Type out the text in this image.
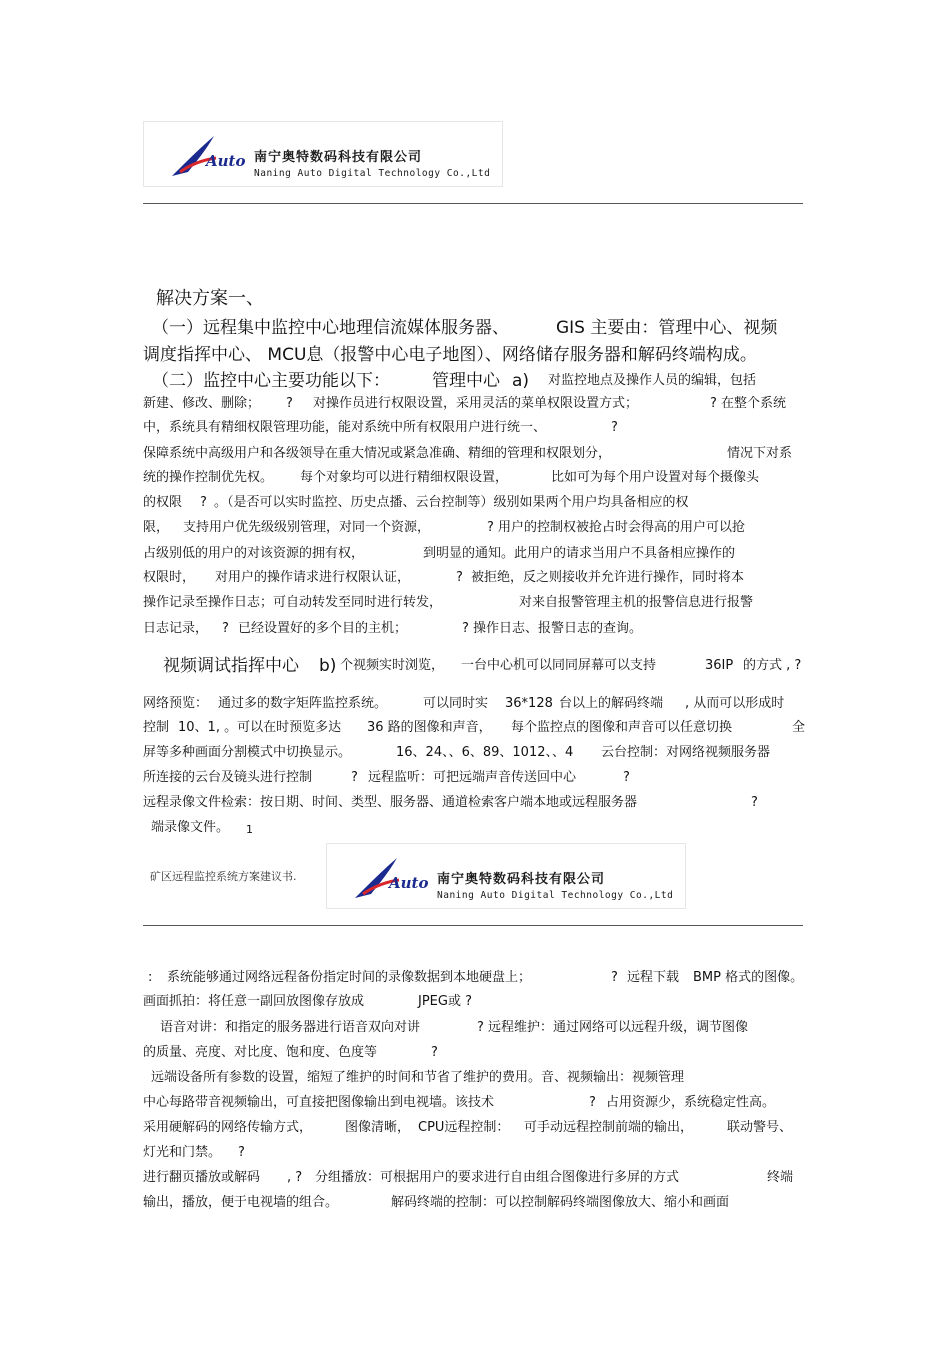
Auto 南宁奥特数码科技有限公司
Naning Auto Digital Technology Co.,Ltd
解决方案一、
（一）远程集中监控中心地理信流媒体服务器、	GIS 主要由：管理中心、视频
调度指挥中心、 MCU息（报警中心电子地图）、网络储存服务器和解码终端构成。
（二）监控中心主要功能以下： 管理中心 a) 对监控地点及操作人员的编辑，包括
新建、修改、删除； ? 对操作员进行权限设置，采用灵活的菜单权限设置方式；	? 在整个系统
中，系统具有精细权限管理功能，能对系统中所有权限用户进行统一、	?
保障系统中高级用户和各级领导在重大情况或紧急准确、精细的管理和权限划分，	情况下对系
统的操作控制优先权。 每个对象均可以进行精细权限设置，	比如可为每个用户设置对每个摄像头
的权限 ? 。（是否可以实时监控、历史点播、云台控制等）级别如果两个用户均具备相应的权
限， 支持用户优先级级别管理，对同一个资源，	? 用户的控制权被抢占时会得高的用户可以抢
占级别低的用户的对该资源的拥有权，	到明显的通知。此用户的请求当用户不具备相应操作的
权限时， 对用户的操作请求进行权限认证，	? 被拒绝，反之则接收并允许进行操作，同时将本
操作记录至操作日志；可自动转发至同时进行转发，	对来自报警管理主机的报警信息进行报警
日志记录， ? 已经设置好的多个目的主机；	? 操作日志、报警日志的查询。
视频调试指挥中心 b) 个视频实时浏览， 一台中心机可以同同屏幕可以支持	36IP 的方式 , ?
网络预览： 通过多的数字矩阵监控系统。	可以同时实 36*128 台以上的解码终端 , 从而可以形成时
控制 10、1, 。可以在时预览多达 36 路的图像和声音， 每个监控点的图像和声音可以任意切换	全
屏等多种画面分割模式中切换显示。	16、24、、6、89、1012、、4 云台控制：对网络视频服务器
所连接的云台及镜头进行控制	? 远程监听：可把远端声音传送回中心	?
远程录像文件检索：按日期、时间、类型、服务器、通道检索客户端本地或远程服务器	?
端录像文件。 1
矿区远程监控系统方案建议书.	Auto 南宁奥特数码科技有限公司
Naning Auto Digital Technology Co.,Ltd
: 系统能够通过网络远程备份指定时间的录像数据到本地硬盘上；	? 远程下载 BMP 格式的图像。
画面抓拍：将任意一副回放图像存放成	JPEG或 ?
语音对讲：和指定的服务器进行语音双向对讲	? 远程维护：通过网络可以远程升级，调节图像
的质量、亮度、对比度、饱和度、色度等	?
远端设备所有参数的设置，缩短了维护的时间和节省了维护的费用。音、视频输出：视频管理
中心每路带音视频输出，可直接把图像输出到电视墙。该技术	? 占用资源少，系统稳定性高。
采用硬解码的网络传输方式，	图像清晰， CPU远程控制： 可手动远程控制前端的输出，	联动警号、
灯光和门禁。 ?
进行翻页播放或解码 , ? 分组播放：可根据用户的要求进行自由组合图像进行多屏的方式	终端
输出，播放，便于电视墙的组合。	解码终端的控制：可以控制解码终端图像放大、缩小和画面
